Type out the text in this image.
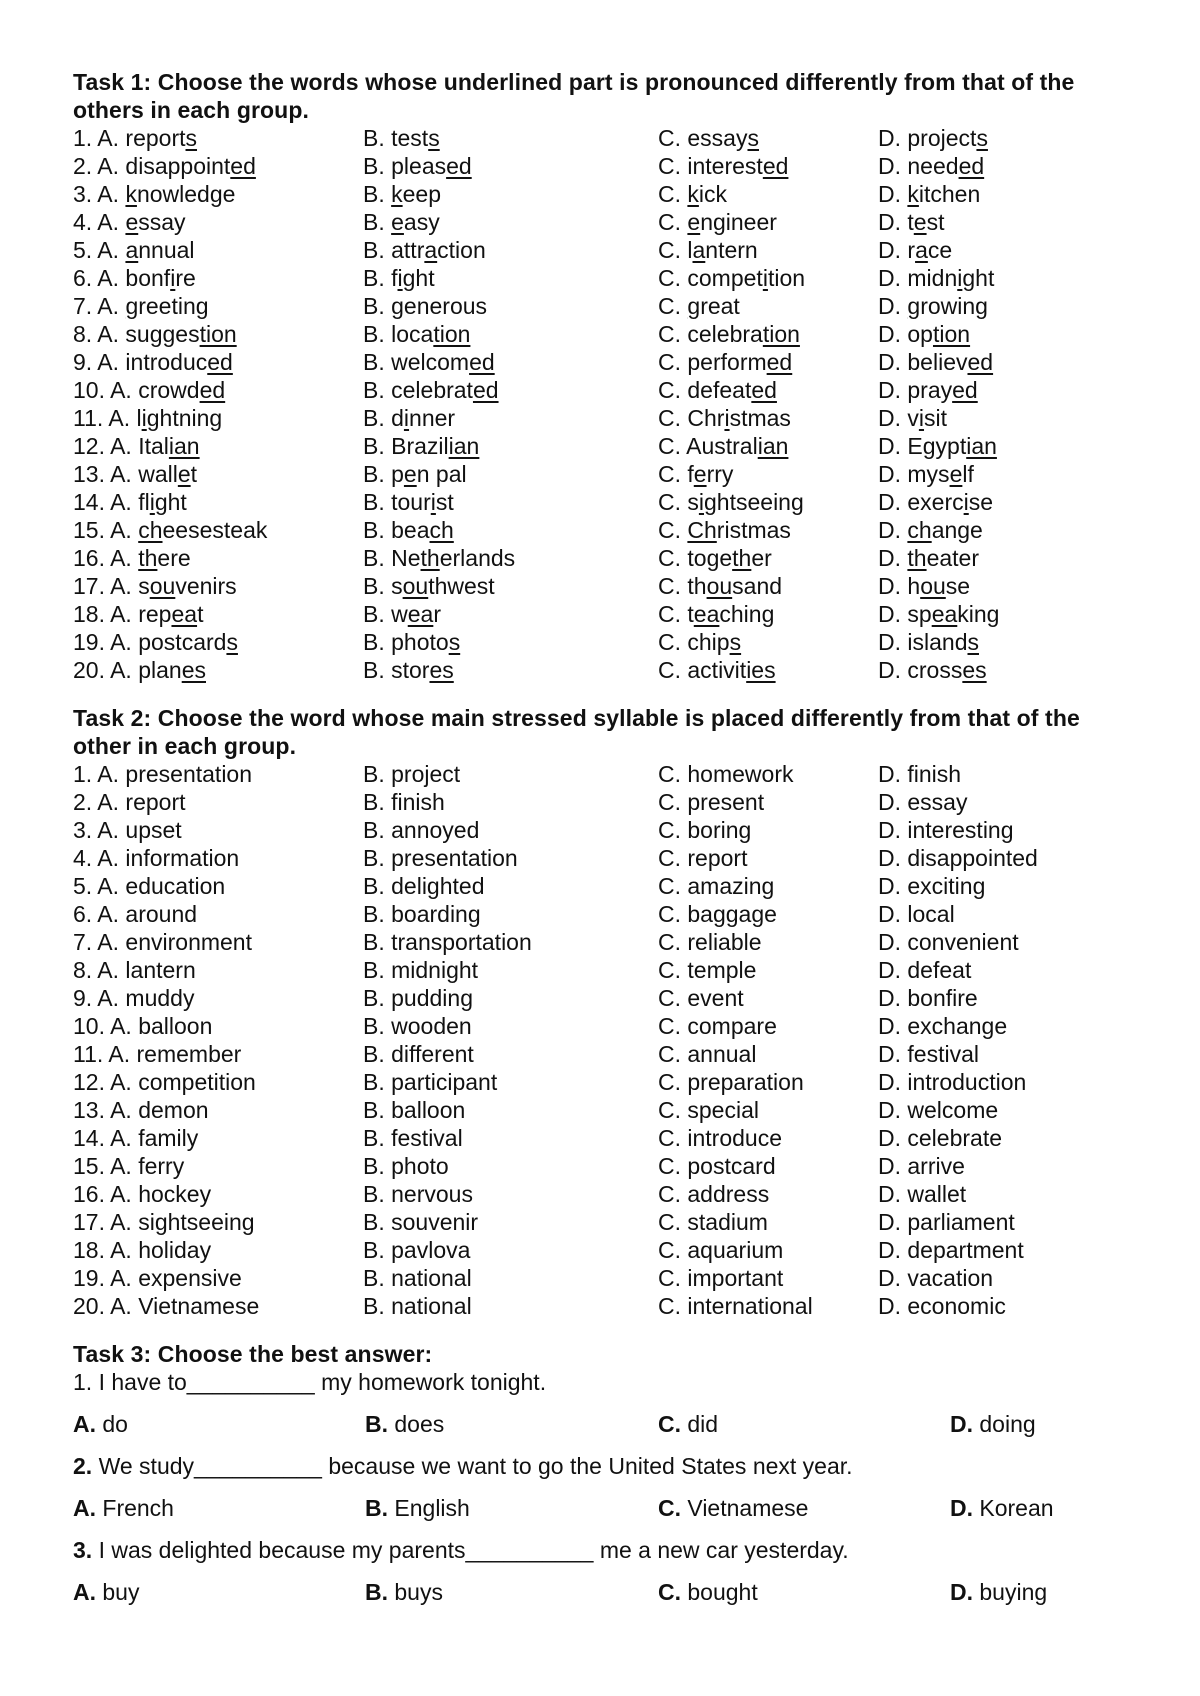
Task 1: Choose the words whose underlined part is pronounced differently from that of the
others in each group.

1. A. reports	B. tests	C. essays	D. projects
2. A. disappointed	B. pleased	C. interested	D. needed
3. A. knowledge	B. keep	C. kick	D. kitchen
4. A. essay	B. easy	C. engineer	D. test
5. A. annual	B. attraction	C. lantern	D. race
6. A. bonfire	B. fight	C. competition	D. midnight
7. A. greeting	B. generous	C. great	D. growing
8. A. suggestion	B. location	C. celebration	D. option
9. A. introduced	B. welcomed	C. performed	D. believed
10. A. crowded	B. celebrated	C. defeated	D. prayed
11. A. lightning	B. dinner	C. Christmas	D. visit
12. A. Italian	B. Brazilian	C. Australian	D. Egyptian
13. A. wallet	B. pen pal	C. ferry	D. myself
14. A. flight	B. tourist	C. sightseeing	D. exercise
15. A. cheesesteak	B. beach	C. Christmas	D. change
16. A. there	B. Netherlands	C. together	D. theater
17. A. souvenirs	B. southwest	C. thousand	D. house
18. A. repeat	B. wear	C. teaching	D. speaking
19. A. postcards	B. photos	C. chips	D. islands
20. A. planes	B. stores	C. activities	D. crosses

Task 2: Choose the word whose main stressed syllable is placed differently from that of the
other in each group.

1. A. presentation	B. project	C. homework	D. finish
2. A. report	B. finish	C. present	D. essay
3. A. upset	B. annoyed	C. boring	D. interesting
4. A. information	B. presentation	C. report	D. disappointed
5. A. education	B. delighted	C. amazing	D. exciting
6. A. around	B. boarding	C. baggage	D. local
7. A. environment	B. transportation	C. reliable	D. convenient
8. A. lantern	B. midnight	C. temple	D. defeat
9. A. muddy	B. pudding	C. event	D. bonfire
10. A. balloon	B. wooden	C. compare	D. exchange
11. A. remember	B. different	C. annual	D. festival
12. A. competition	B. participant	C. preparation	D. introduction
13. A. demon	B. balloon	C. special	D. welcome
14. A. family	B. festival	C. introduce	D. celebrate
15. A. ferry	B. photo	C. postcard	D. arrive
16. A. hockey	B. nervous	C. address	D. wallet
17. A. sightseeing	B. souvenir	C. stadium	D. parliament
18. A. holiday	B. pavlova	C. aquarium	D. department
19. A. expensive	B. national	C. important	D. vacation
20. A. Vietnamese	B. national	C. international	D. economic

Task 3: Choose the best answer:

1. I have to__________ my homework tonight.
A. do	B. does	C. did	D. doing
2. We study__________ because we want to go the United States next year.
A. French	B. English	C. Vietnamese	D. Korean
3. I was delighted because my parents__________ me a new car yesterday.
A. buy	B. buys	C. bought	D. buying
